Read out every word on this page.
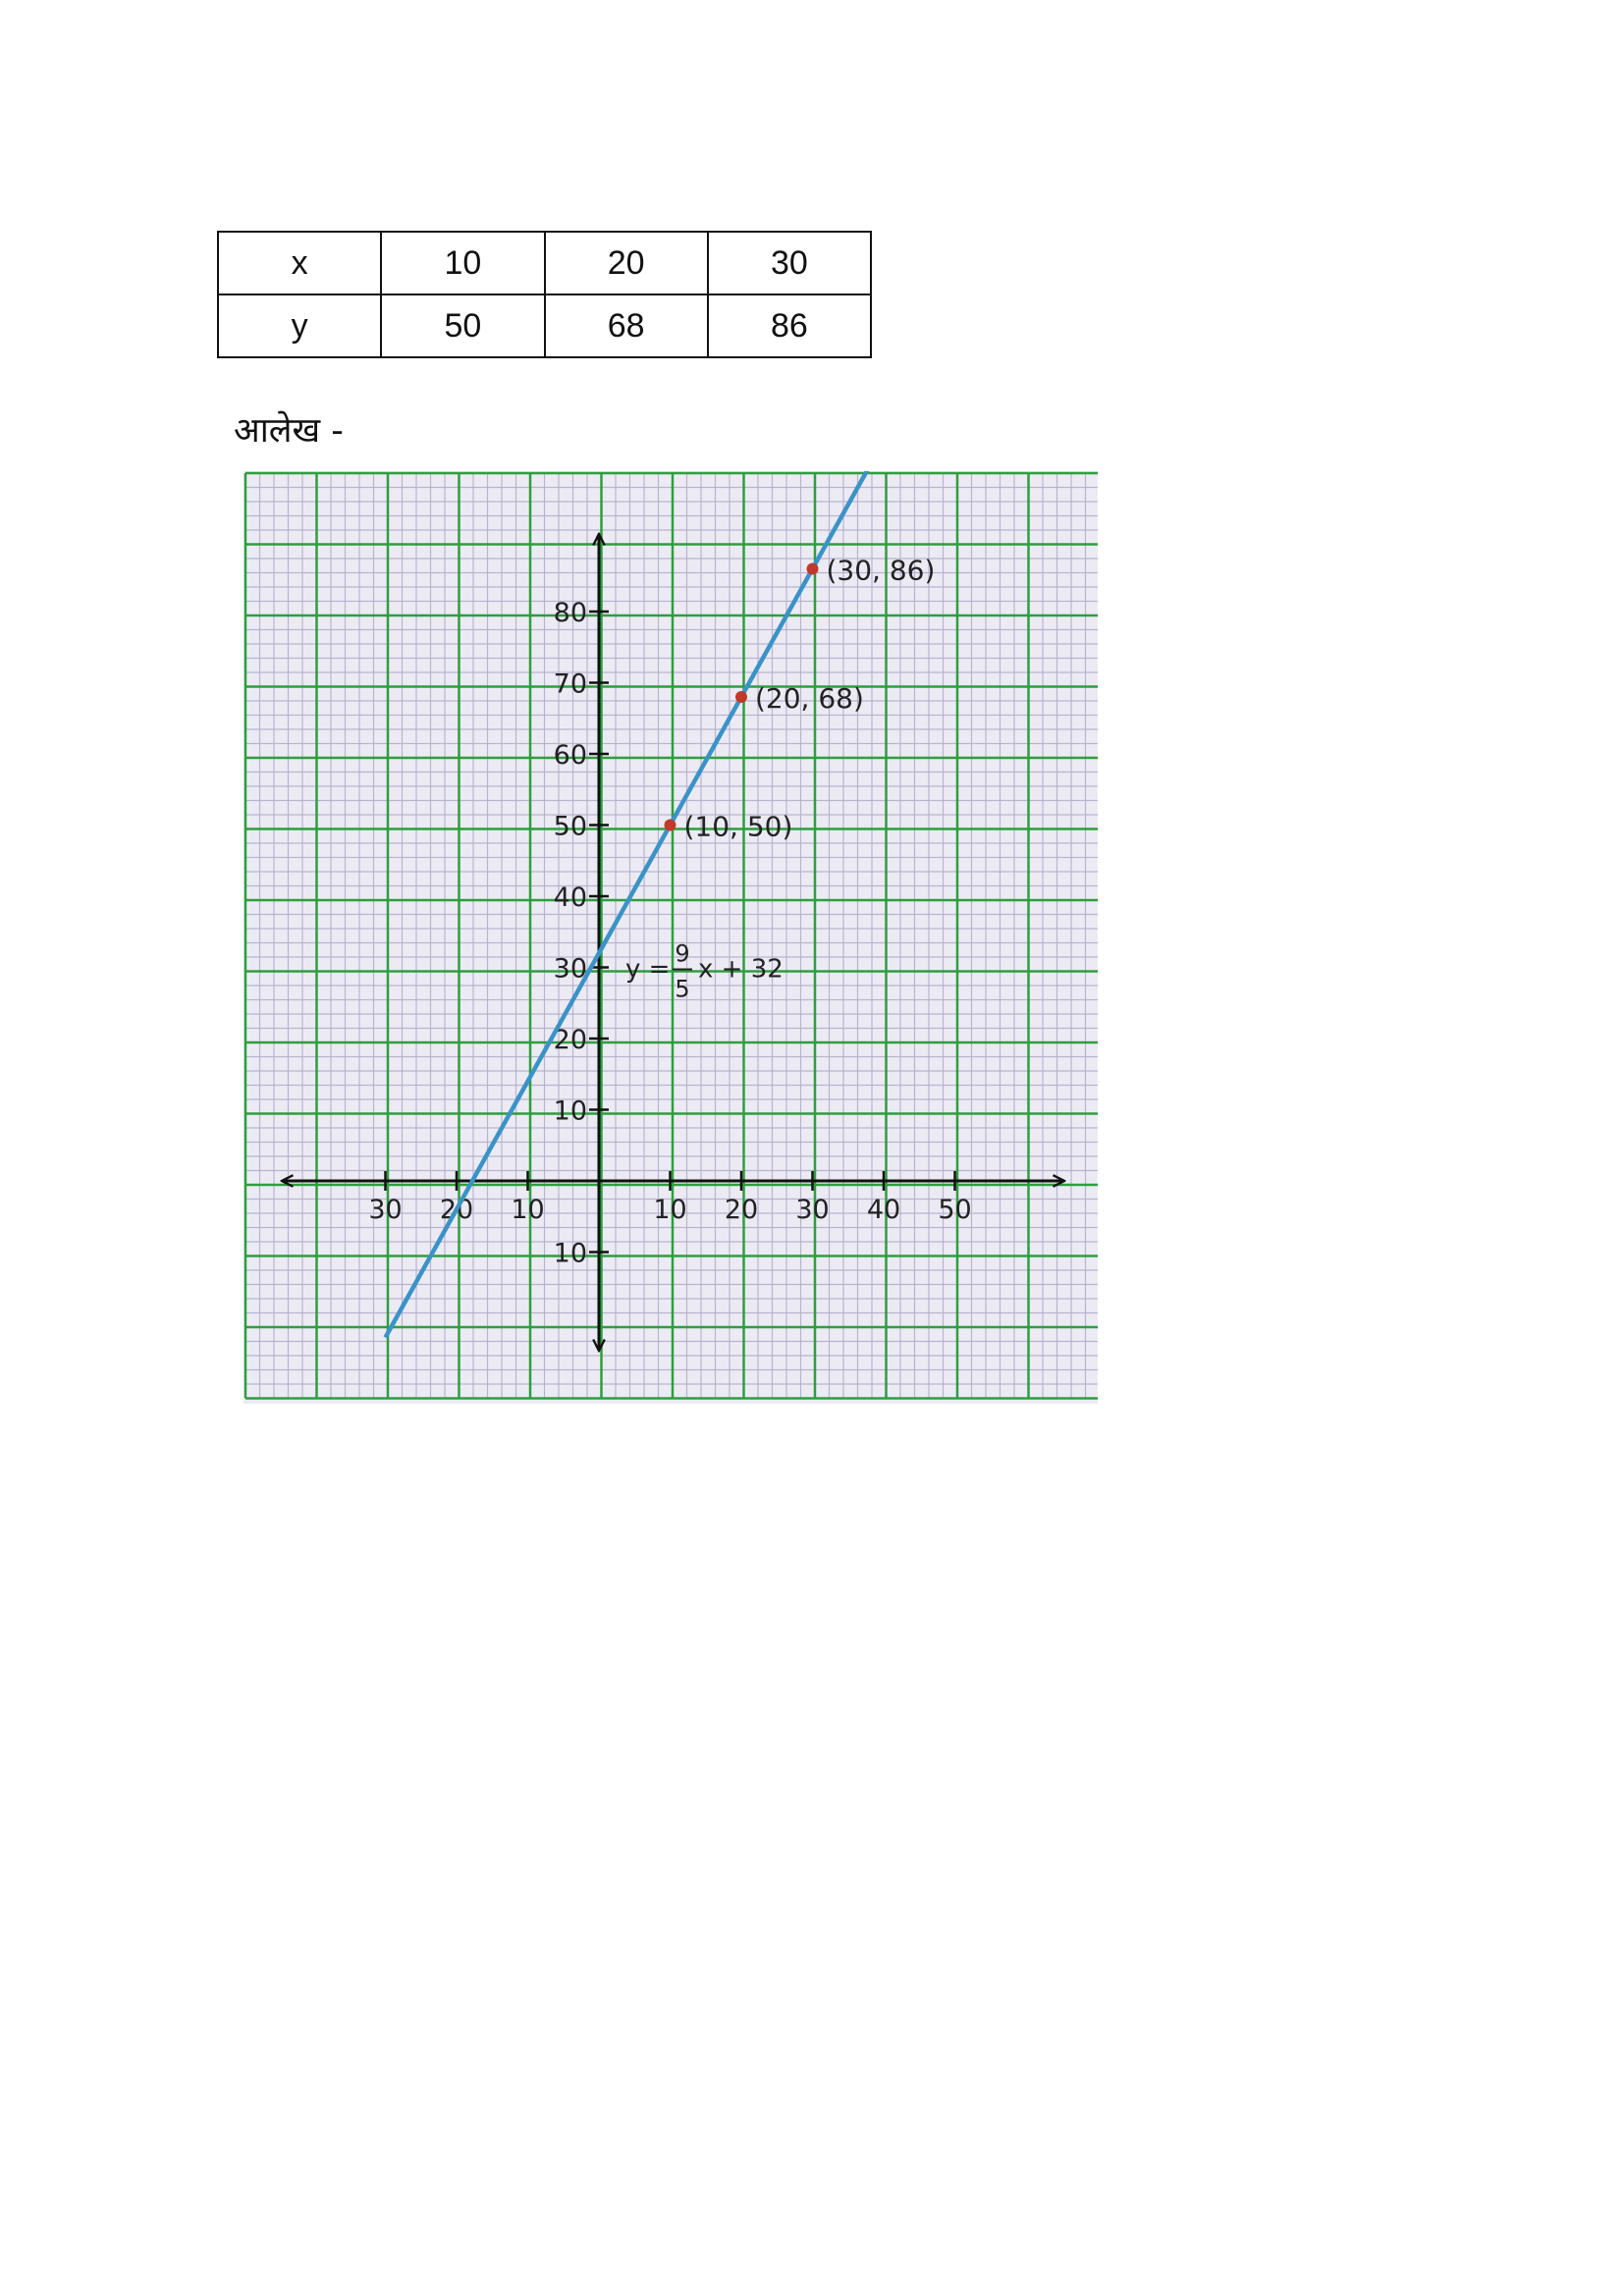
x	10	20	30
y	50	68	86
आलेख -
30 20 10	10 20 30 40 50
80
70
60
50
40
30
20
10
10
(10, 50)
(20, 68)
(30, 86)
y =
9
5
x + 32
